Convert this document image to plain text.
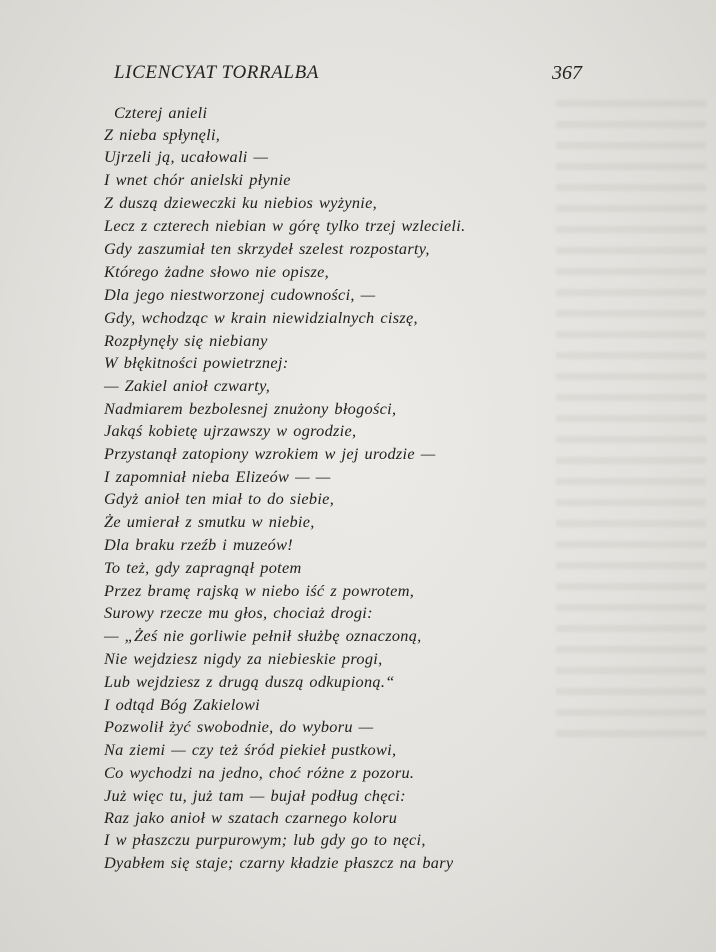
LICENCYAT TORRALBA	367
Czterej anieli
Z nieba spłynęli,
Ujrzeli ją, ucałowali —
I wnet chór anielski płynie
Z duszą dzieweczki ku niebios wyżynie,
Lecz z czterech niebian w górę tylko trzej wzlecieli.
Gdy zaszumiał ten skrzydeł szelest rozpostarty,
Którego żadne słowo nie opisze,
Dla jego niestworzonej cudowności, —
Gdy, wchodząc w krain niewidzialnych ciszę,
Rozpłynęły się niebiany
W błękitności powietrznej:
— Zakiel anioł czwarty,
Nadmiarem bezbolesnej znużony błogości,
Jakąś kobietę ujrzawszy w ogrodzie,
Przystanął zatopiony wzrokiem w jej urodzie —
I zapomniał nieba Elizeów — —
Gdyż anioł ten miał to do siebie,
Że umierał z smutku w niebie,
Dla braku rzeźb i muzeów!
To też, gdy zapragnął potem
Przez bramę rajską w niebo iść z powrotem,
Surowy rzecze mu głos, chociaż drogi:
— „Żeś nie gorliwie pełnił służbę oznaczoną,
Nie wejdziesz nigdy za niebieskie progi,
Lub wejdziesz z drugą duszą odkupioną.“
I odtąd Bóg Zakielowi
Pozwolił żyć swobodnie, do wyboru —
Na ziemi — czy też śród piekieł pustkowi,
Co wychodzi na jedno, choć różne z pozoru.
Już więc tu, już tam — bujał podług chęci:
Raz jako anioł w szatach czarnego koloru
I w płaszczu purpurowym; lub gdy go to nęci,
Dyabłem się staje; czarny kładzie płaszcz na bary
